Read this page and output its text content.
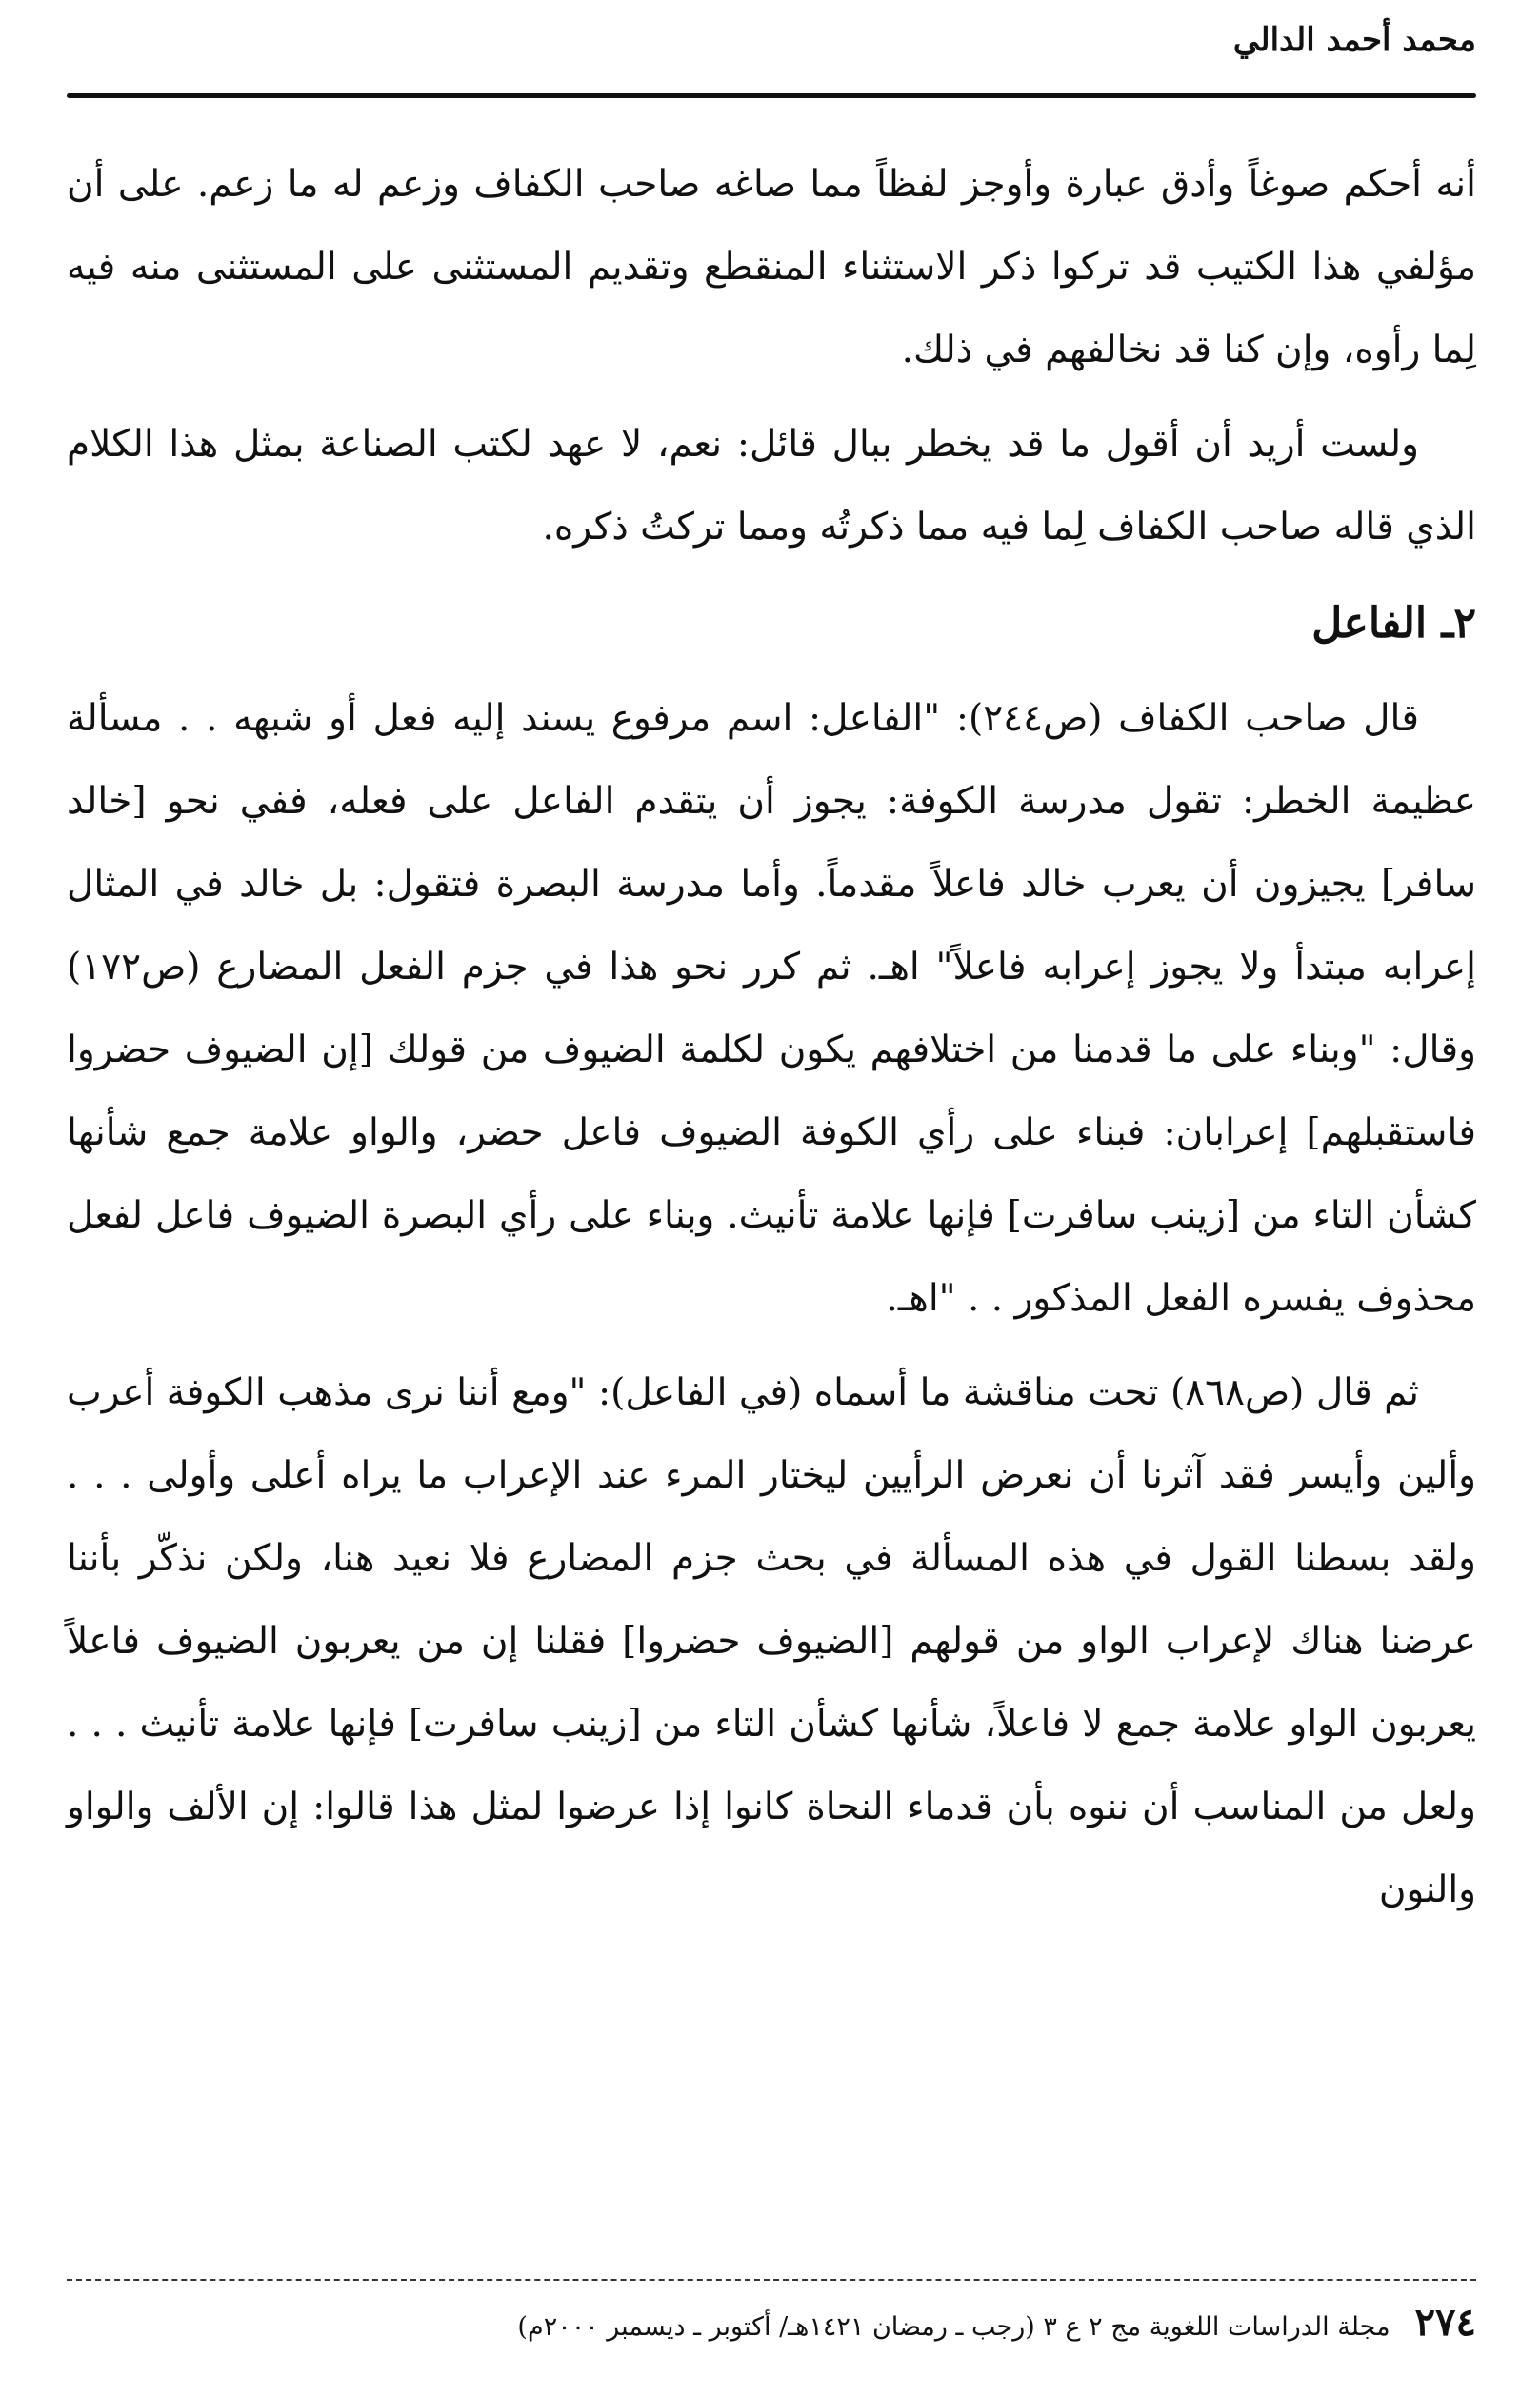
محمد أحمد الدالي

أنه أحكم صوغاً وأدق عبارة وأوجز لفظاً مما صاغه صاحب الكفاف وزعم له ما زعم. على أن مؤلفي هذا الكتيب قد تركوا ذكر الاستثناء المنقطع وتقديم المستثنى على المستثنى منه فيه لِما رأوه، وإن كنا قد نخالفهم في ذلك.

ولست أريد أن أقول ما قد يخطر ببال قائل: نعم، لا عهد لكتب الصناعة بمثل هذا الكلام الذي قاله صاحب الكفاف لِما فيه مما ذكرتُه ومما تركتُ ذكره.

٢ـ الفاعل

قال صاحب الكفاف (ص٢٤٤): "الفاعل: اسم مرفوع يسند إليه فعل أو شبهه . . مسألة عظيمة الخطر: تقول مدرسة الكوفة: يجوز أن يتقدم الفاعل على فعله، ففي نحو [خالد سافر] يجيزون أن يعرب خالد فاعلاً مقدماً. وأما مدرسة البصرة فتقول: بل خالد في المثال إعرابه مبتدأ ولا يجوز إعرابه فاعلاً" اهـ. ثم كرر نحو هذا في جزم الفعل المضارع (ص١٧٢) وقال: "وبناء على ما قدمنا من اختلافهم يكون لكلمة الضيوف من قولك [إن الضيوف حضروا فاستقبلهم] إعرابان: فبناء على رأي الكوفة الضيوف فاعل حضر، والواو علامة جمع شأنها كشأن التاء من [زينب سافرت] فإنها علامة تأنيث. وبناء على رأي البصرة الضيوف فاعل لفعل محذوف يفسره الفعل المذكور . . "اهـ.

ثم قال (ص٨٦٨) تحت مناقشة ما أسماه (في الفاعل): "ومع أننا نرى مذهب الكوفة أعرب وألين وأيسر فقد آثرنا أن نعرض الرأيين ليختار المرء عند الإعراب ما يراه أعلى وأولى . . . ولقد بسطنا القول في هذه المسألة في بحث جزم المضارع فلا نعيد هنا، ولكن نذكّر بأننا عرضنا هناك لإعراب الواو من قولهم [الضيوف حضروا] فقلنا إن من يعربون الضيوف فاعلاً يعربون الواو علامة جمع لا فاعلاً، شأنها كشأن التاء من [زينب سافرت] فإنها علامة تأنيث . . . ولعل من المناسب أن ننوه بأن قدماء النحاة كانوا إذا عرضوا لمثل هذا قالوا: إن الألف والواو والنون

٢٧٤
مجلة الدراسات اللغوية مج ٢ ع ٣ (رجب ـ رمضان ١٤٢١هـ/ أكتوبر ـ ديسمبر ٢٠٠٠م)
